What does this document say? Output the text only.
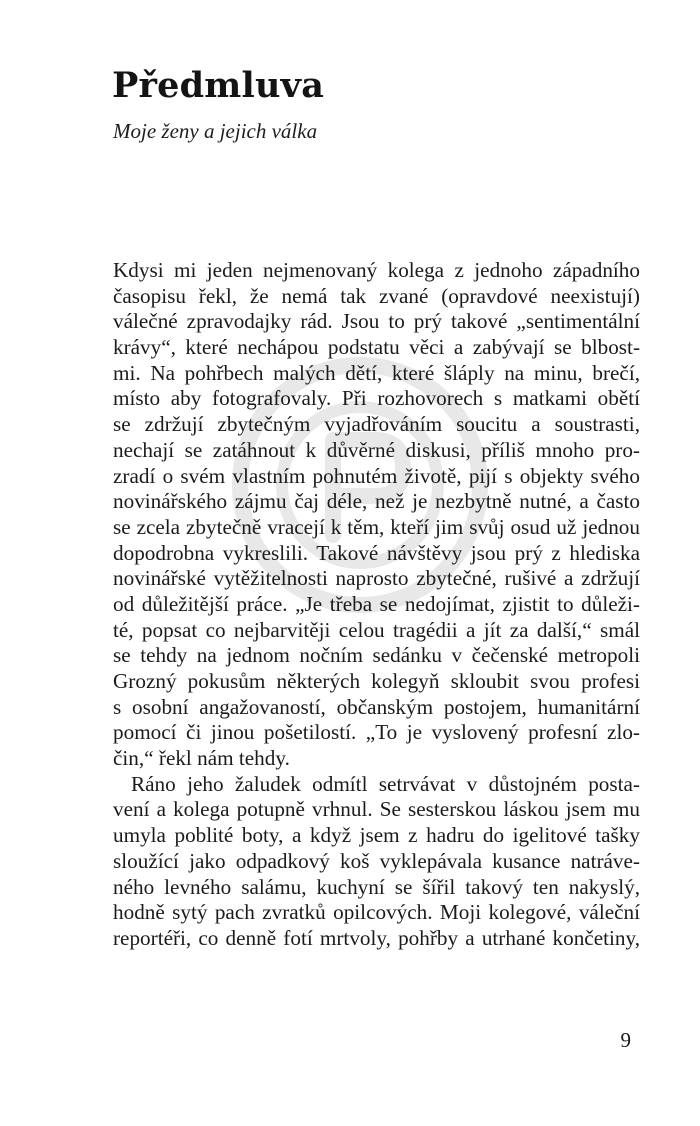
Předmluva

Moje ženy a jejich válka

Kdysi mi jeden nejmenovaný kolega z jednoho západního
časopisu řekl, že nemá tak zvané (opravdové neexistují)
válečné zpravodajky rád. Jsou to prý takové „sentimentální
krávy“, které nechápou podstatu věci a zabývají se blbost-
mi. Na pohřbech malých dětí, které šláply na minu, brečí,
místo aby fotografovaly. Při rozhovorech s matkami obětí
se zdržují zbytečným vyjadřováním soucitu a soustrasti,
nechají se zatáhnout k důvěrné diskusi, příliš mnoho pro-
zradí o svém vlastním pohnutém životě, pijí s objekty svého
novinářského zájmu čaj déle, než je nezbytně nutné, a často
se zcela zbytečně vracejí k těm, kteří jim svůj osud už jednou
dopodrobna vykreslili. Takové návštěvy jsou prý z hlediska
novinářské vytěžitelnosti naprosto zbytečné, rušivé a zdržují
od důležitější práce. „Je třeba se nedojímat, zjistit to důleži-
té, popsat co nejbarvitěji celou tragédii a jít za další,“ smál
se tehdy na jednom nočním sedánku v čečenské metropoli
Grozný pokusům některých kolegyň skloubit svou profesi
s osobní angažovaností, občanským postojem, humanitární
pomocí či jinou pošetilostí. „To je vyslovený profesní zlo-
čin,“ řekl nám tehdy.
Ráno jeho žaludek odmítl setrvávat v důstojném posta-
vení a kolega potupně vrhnul. Se sesterskou láskou jsem mu
umyla poblité boty, a když jsem z hadru do igelitové tašky
sloužící jako odpadkový koš vyklepávala kusance natráve-
ného levného salámu, kuchyní se šířil takový ten nakyslý,
hodně sytý pach zvratků opilcových. Moji kolegové, váleční
reportéři, co denně fotí mrtvoly, pohřby a utrhané končetiny,
9
